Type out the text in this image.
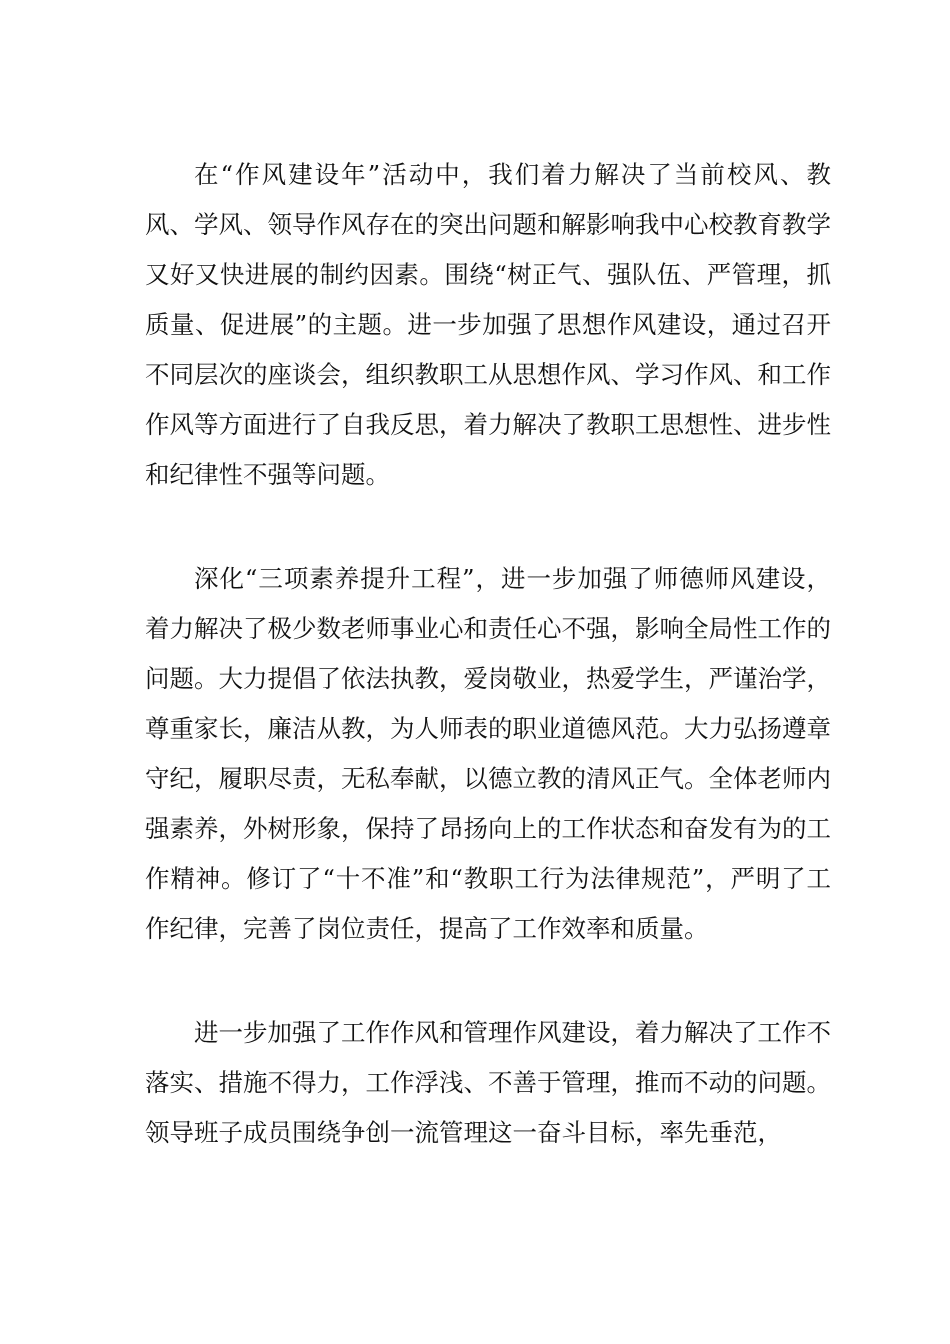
在“作风建设年”活动中，我们着力解决了当前校风、教风、学风、领导作风存在的突出问题和解影响我中心校教育教学又好又快进展的制约因素。围绕“树正气、强队伍、严管理，抓质量、促进展”的主题。进一步加强了思想作风建设，通过召开不同层次的座谈会，组织教职工从思想作风、学习作风、和工作作风等方面进行了自我反思，着力解决了教职工思想性、进步性和纪律性不强等问题。

深化“三项素养提升工程”，进一步加强了师德师风建设，着力解决了极少数老师事业心和责任心不强，影响全局性工作的问题。大力提倡了依法执教，爱岗敬业，热爱学生，严谨治学，尊重家长，廉洁从教，为人师表的职业道德风范。大力弘扬遵章守纪，履职尽责，无私奉献，以德立教的清风正气。全体老师内强素养，外树形象，保持了昂扬向上的工作状态和奋发有为的工作精神。修订了“十不准”和“教职工行为法律规范”，严明了工作纪律，完善了岗位责任，提高了工作效率和质量。

进一步加强了工作作风和管理作风建设，着力解决了工作不落实、措施不得力，工作浮浅、不善于管理，推而不动的问题。领导班子成员围绕争创一流管理这一奋斗目标，率先垂范，
